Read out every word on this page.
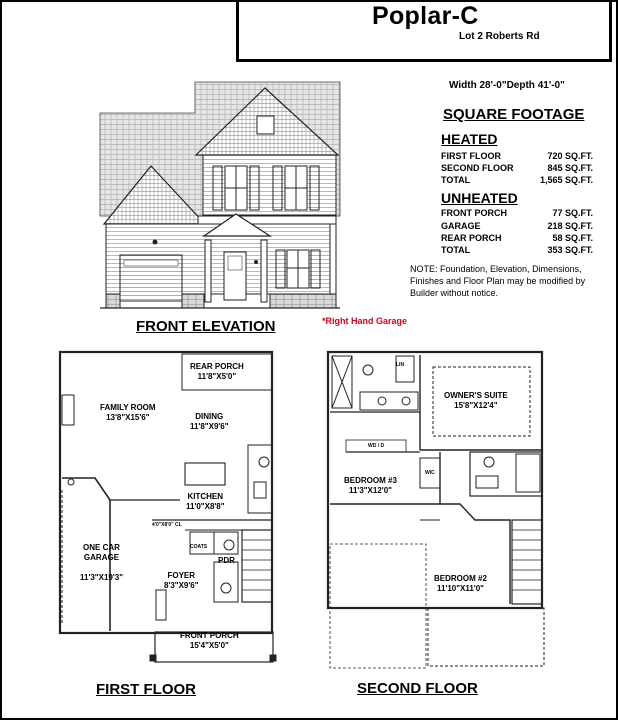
Poplar-C
Lot 2 Roberts Rd
Width 28'-0"Depth 41'-0"
SQUARE FOOTAGE
HEATED
FIRST FLOOR	720 SQ.FT.
SECOND FLOOR	845 SQ.FT.
TOTAL	1,565 SQ.FT.
UNHEATED
FRONT PORCH	77 SQ.FT.
GARAGE	218 SQ.FT.
REAR PORCH	58 SQ.FT.
TOTAL	353 SQ.FT.
NOTE: Foundation, Elevation, Dimensions, Finishes and Floor Plan may be modified by Builder without notice.
FRONT ELEVATION	*Right Hand Garage
REAR PORCH
11'8"X5'0"
FAMILY ROOM
13'8"X15'6"	DINING
11'8"X9'6"
KITCHEN
11'0"X8'8"

ONE CAR
GARAGE

11'3"X19'3"	FOYER
8'3"X9'6"
PDR
COATS
4'0"X8'0" CL
FRONT PORCH
15'4"X5'0"
OWNER'S SUITE
15'8"X12'4"
BEDROOM #3
11'3"X12'0"
BEDROOM #2
11'10"X11'0"
LIN
WIC
WD / D
FIRST FLOOR	SECOND FLOOR
